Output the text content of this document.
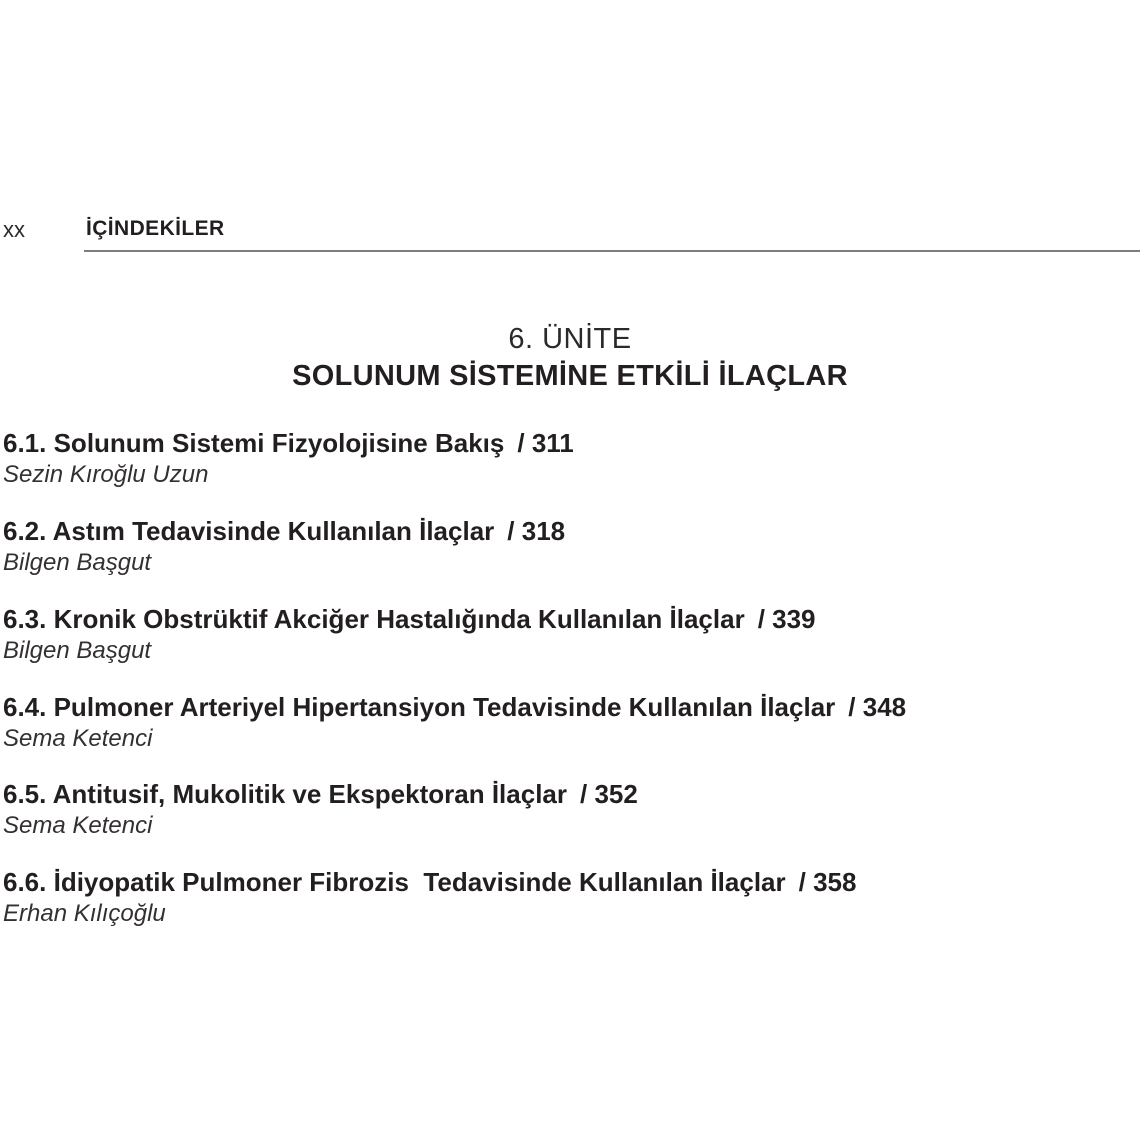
xx	İÇİNDEKİLER
6. ÜNİTE
SOLUNUM SİSTEMİNE ETKİLİ İLAÇLAR
6.1. Solunum Sistemi Fizyolojisine Bakış / 311
Sezin Kıroğlu Uzun
6.2. Astım Tedavisinde Kullanılan İlaçlar / 318
Bilgen Başgut
6.3. Kronik Obstrüktif Akciğer Hastalığında Kullanılan İlaçlar / 339
Bilgen Başgut
6.4. Pulmoner Arteriyel Hipertansiyon Tedavisinde Kullanılan İlaçlar / 348
Sema Ketenci
6.5. Antitusif, Mukolitik ve Ekspektoran İlaçlar / 352
Sema Ketenci
6.6. İdiyopatik Pulmoner Fibrozis  Tedavisinde Kullanılan İlaçlar / 358
Erhan Kılıçoğlu
